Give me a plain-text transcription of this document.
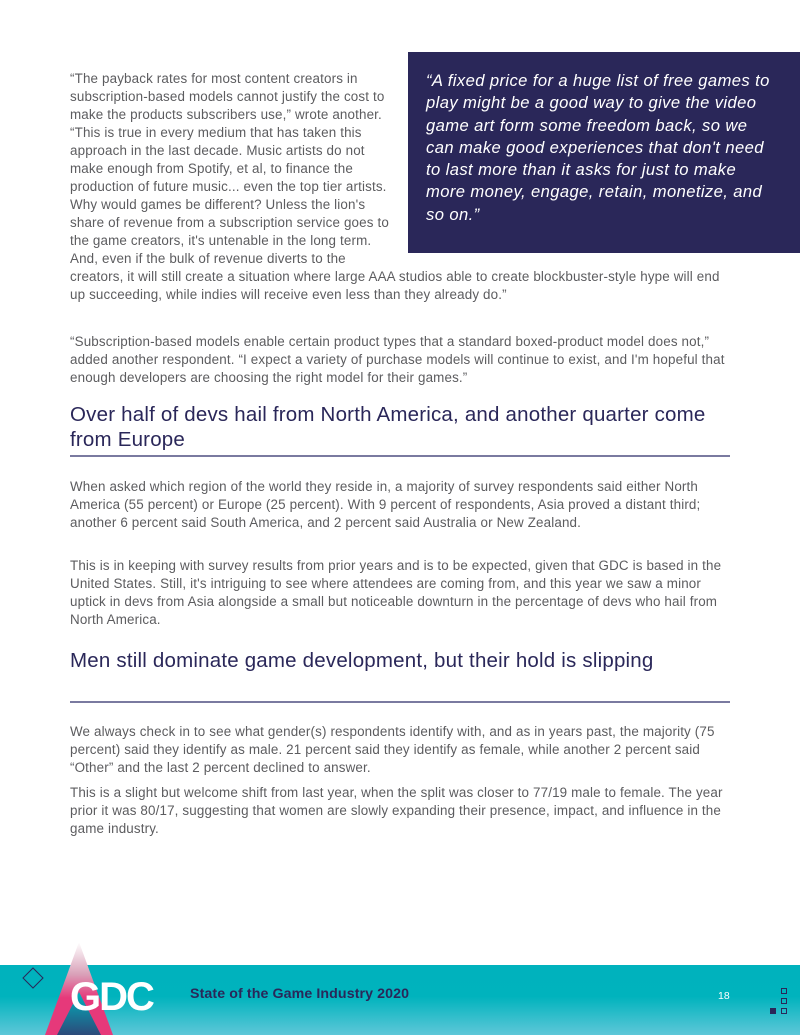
“The payback rates for most content creators in subscription-based models cannot justify the cost to make the products subscribers use,” wrote another. “This is true in every medium that has taken this approach in the last decade. Music artists do not make enough from Spotify, et al, to finance the production of future music... even the top tier artists. Why would games be different? Unless the lion's share of revenue from a subscription service goes to the game creators, it's untenable in the long term. And, even if the bulk of revenue diverts to the

“A fixed price for a huge list of free games to play might be a good way to give the video game art form some freedom back, so we can make good experiences that don't need to last more than it asks for just to make more money, engage, retain, monetize, and so on.”

creators, it will still create a situation where large AAA studios able to create blockbuster-style hype will end up succeeding, while indies will receive even less than they already do.”

“Subscription-based models enable certain product types that a standard boxed-product model does not,” added another respondent. “I expect a variety of purchase models will continue to exist, and I'm hopeful that enough developers are choosing the right model for their games.”

Over half of devs hail from North America, and another quarter come from Europe

When asked which region of the world they reside in, a majority of survey respondents said either North America (55 percent) or Europe (25 percent). With 9 percent of respondents, Asia proved a distant third; another 6 percent said South America, and 2 percent said Australia or New Zealand.

This is in keeping with survey results from prior years and is to be expected, given that GDC is based in the United States. Still, it's intriguing to see where attendees are coming from, and this year we saw a minor uptick in devs from Asia alongside a small but noticeable downturn in the percentage of devs who hail from North America.

Men still dominate game development, but their hold is slipping

We always check in to see what gender(s) respondents identify with, and as in years past, the majority (75 percent) said they identify as male. 21 percent said they identify as female, while another 2 percent said “Other” and the last 2 percent declined to answer.

This is a slight but welcome shift from last year, when the split was closer to 77/19 male to female. The year prior it was 80/17, suggesting that women are slowly expanding their presence, impact, and influence in the game industry.

GDC	State of the Game Industry 2020	18
